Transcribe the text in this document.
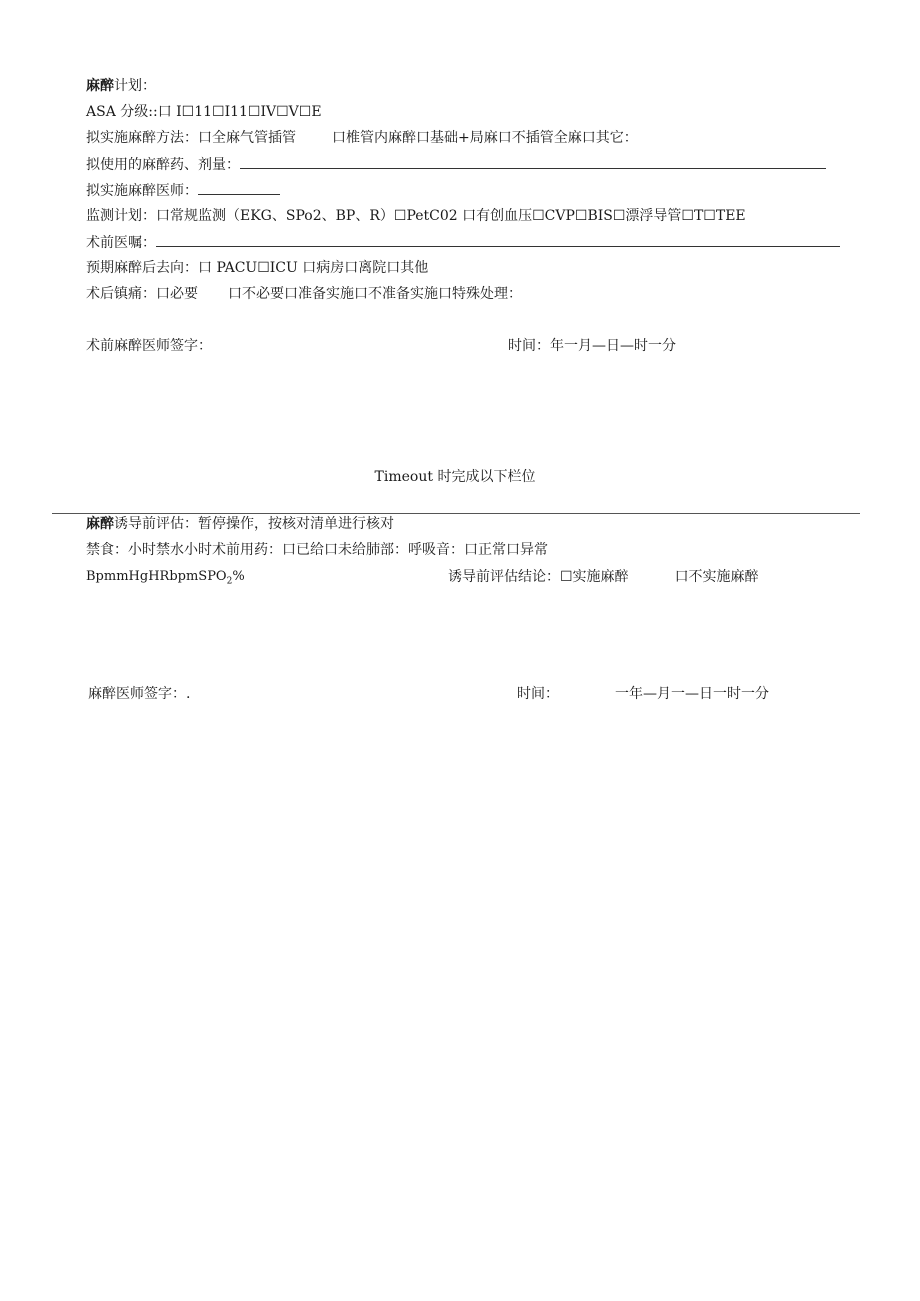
麻醉计划：
ASA 分级::口 I☐11☐I11☐IV☐V☐E
拟实施麻醉方法：口全麻气管插管	口椎管内麻醉口基础+局麻口不插管全麻口其它：
拟使用的麻醉药、剂量：
拟实施麻醉医师：
监测计划：口常规监测（EKG、SPo2、BP、R）☐PetC02 口有创血压☐CVP☐BIS☐漂浮导管☐T☐TEE
术前医嘱：
预期麻醉后去向：口 PACU☐ICU 口病房口离院口其他
术后镇痛：口必要 口不必要口准备实施口不准备实施口特殊处理：
术前麻醉医师签字：	时间：年一月—日—时一分
Timeout 时完成以下栏位
麻醉诱导前评估：暂停操作，按核对清单进行核对
禁食：小时禁水小时术前用药：口已给口未给肺部：呼吸音：口正常口异常
BpmmHgHRbpmSPO$_2$%	诱导前评估结论：☐实施麻醉	口不实施麻醉
麻醉医师签字：.	时间：	一年—月一—日一时一分
